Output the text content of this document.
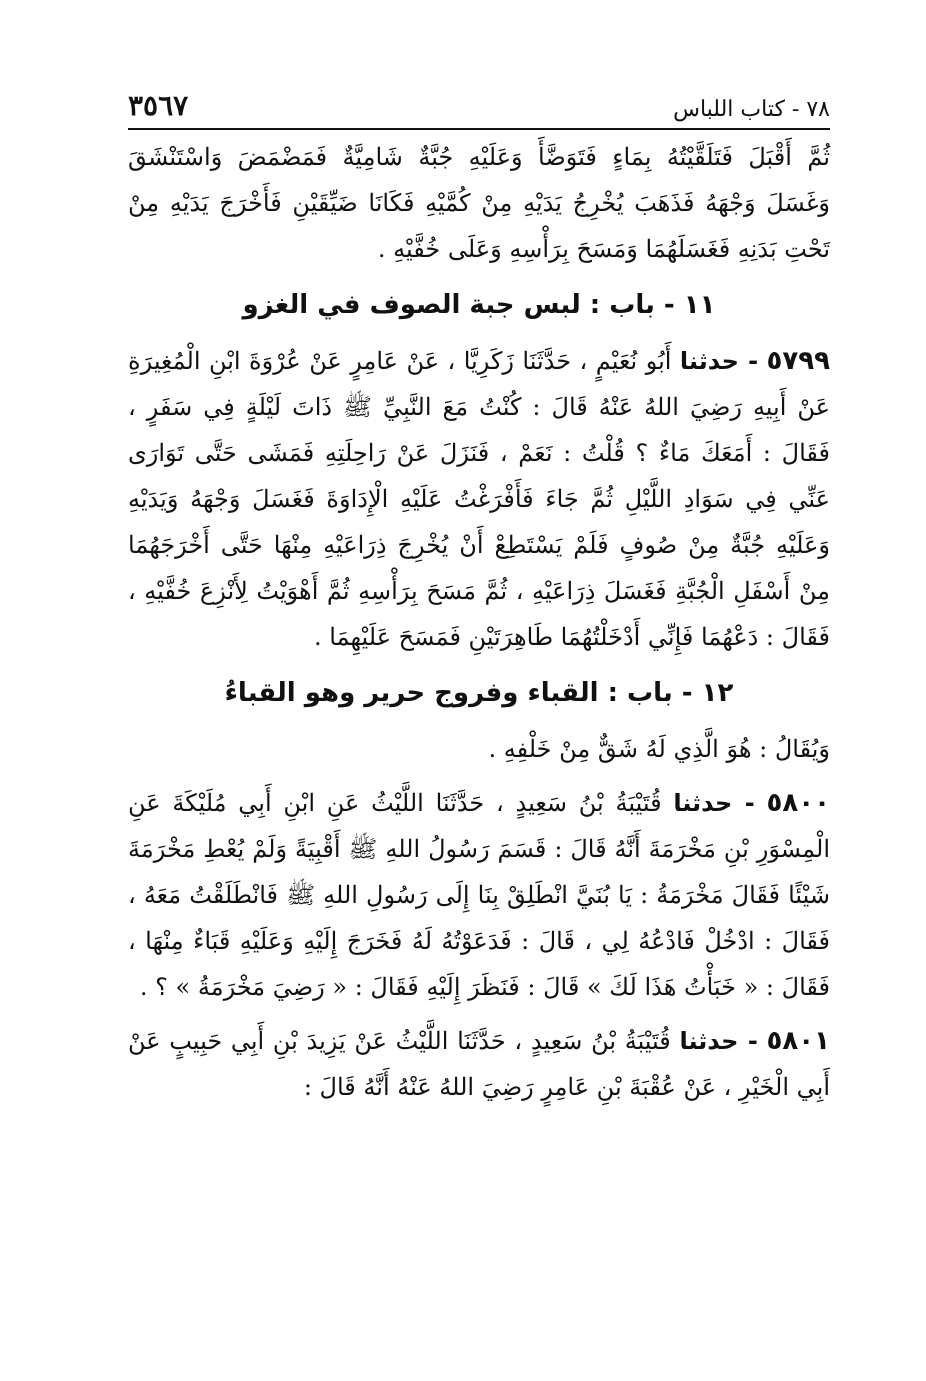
٧٨ - كتاب اللباس
٣٥٦٧

ثُمَّ أَقْبَلَ فَتَلَقَّيْتُهُ بِمَاءٍ فَتَوَضَّأَ وَعَلَيْهِ جُبَّةٌ شَامِيَّةٌ فَمَضْمَضَ وَاسْتَنْشَقَ وَغَسَلَ وَجْهَهُ فَذَهَبَ يُخْرِجُ يَدَيْهِ مِنْ كُمَّيْهِ فَكَانَا ضَيِّقَيْنِ فَأَخْرَجَ يَدَيْهِ مِنْ تَحْتِ بَدَنِهِ فَغَسَلَهُمَا وَمَسَحَ بِرَأْسِهِ وَعَلَى خُفَّيْهِ .

١١ - باب : لبس جبة الصوف في الغزو

٥٧٩٩ - حدثنا أَبُو نُعَيْمٍ ، حَدَّثَنَا زَكَرِيَّا ، عَنْ عَامِرٍ عَنْ عُرْوَةَ ابْنِ الْمُغِيرَةِ عَنْ أَبِيهِ رَضِيَ اللهُ عَنْهُ قَالَ : كُنْتُ مَعَ النَّبِيِّ ﷺ ذَاتَ لَيْلَةٍ فِي سَفَرٍ ، فَقَالَ : أَمَعَكَ مَاءٌ ؟ قُلْتُ : نَعَمْ ، فَنَزَلَ عَنْ رَاحِلَتِهِ فَمَشَى حَتَّى تَوَارَى عَنِّي فِي سَوَادِ اللَّيْلِ ثُمَّ جَاءَ فَأَفْرَغْتُ عَلَيْهِ الْإِدَاوَةَ فَغَسَلَ وَجْهَهُ وَيَدَيْهِ وَعَلَيْهِ جُبَّةٌ مِنْ صُوفٍ فَلَمْ يَسْتَطِعْ أَنْ يُخْرِجَ ذِرَاعَيْهِ مِنْهَا حَتَّى أَخْرَجَهُمَا مِنْ أَسْفَلِ الْجُبَّةِ فَغَسَلَ ذِرَاعَيْهِ ، ثُمَّ مَسَحَ بِرَأْسِهِ ثُمَّ أَهْوَيْتُ لِأَنْزِعَ خُفَّيْهِ ، فَقَالَ : دَعْهُمَا فَإِنِّي أَدْخَلْتُهُمَا طَاهِرَتَيْنِ فَمَسَحَ عَلَيْهِمَا .

١٢ - باب : القباء وفروج حرير وهو القباءُ

وَيُقَالُ : هُوَ الَّذِي لَهُ شَقٌّ مِنْ خَلْفِهِ .

٥٨٠٠ - حدثنا قُتَيْبَةُ بْنُ سَعِيدٍ ، حَدَّثَنَا اللَّيْثُ عَنِ ابْنِ أَبِي مُلَيْكَةَ عَنِ الْمِسْوَرِ بْنِ مَخْرَمَةَ أَنَّهُ قَالَ : قَسَمَ رَسُولُ اللهِ ﷺ أَقْبِيَةً وَلَمْ يُعْطِ مَخْرَمَةَ شَيْئًا فَقَالَ مَخْرَمَةُ : يَا بُنَيَّ انْطَلِقْ بِنَا إِلَى رَسُولِ اللهِ ﷺ فَانْطَلَقْتُ مَعَهُ ، فَقَالَ : ادْخُلْ فَادْعُهُ لِي ، قَالَ : فَدَعَوْتُهُ لَهُ فَخَرَجَ إِلَيْهِ وَعَلَيْهِ قَبَاءٌ مِنْهَا ، فَقَالَ : « خَبَأْتُ هَذَا لَكَ » قَالَ : فَنَظَرَ إِلَيْهِ فَقَالَ : « رَضِيَ مَخْرَمَةُ » ؟ .

٥٨٠١ - حدثنا قُتَيْبَةُ بْنُ سَعِيدٍ ، حَدَّثَنَا اللَّيْثُ عَنْ يَزِيدَ بْنِ أَبِي حَبِيبٍ عَنْ أَبِي الْخَيْرِ ، عَنْ عُقْبَةَ بْنِ عَامِرٍ رَضِيَ اللهُ عَنْهُ أَنَّهُ قَالَ :
